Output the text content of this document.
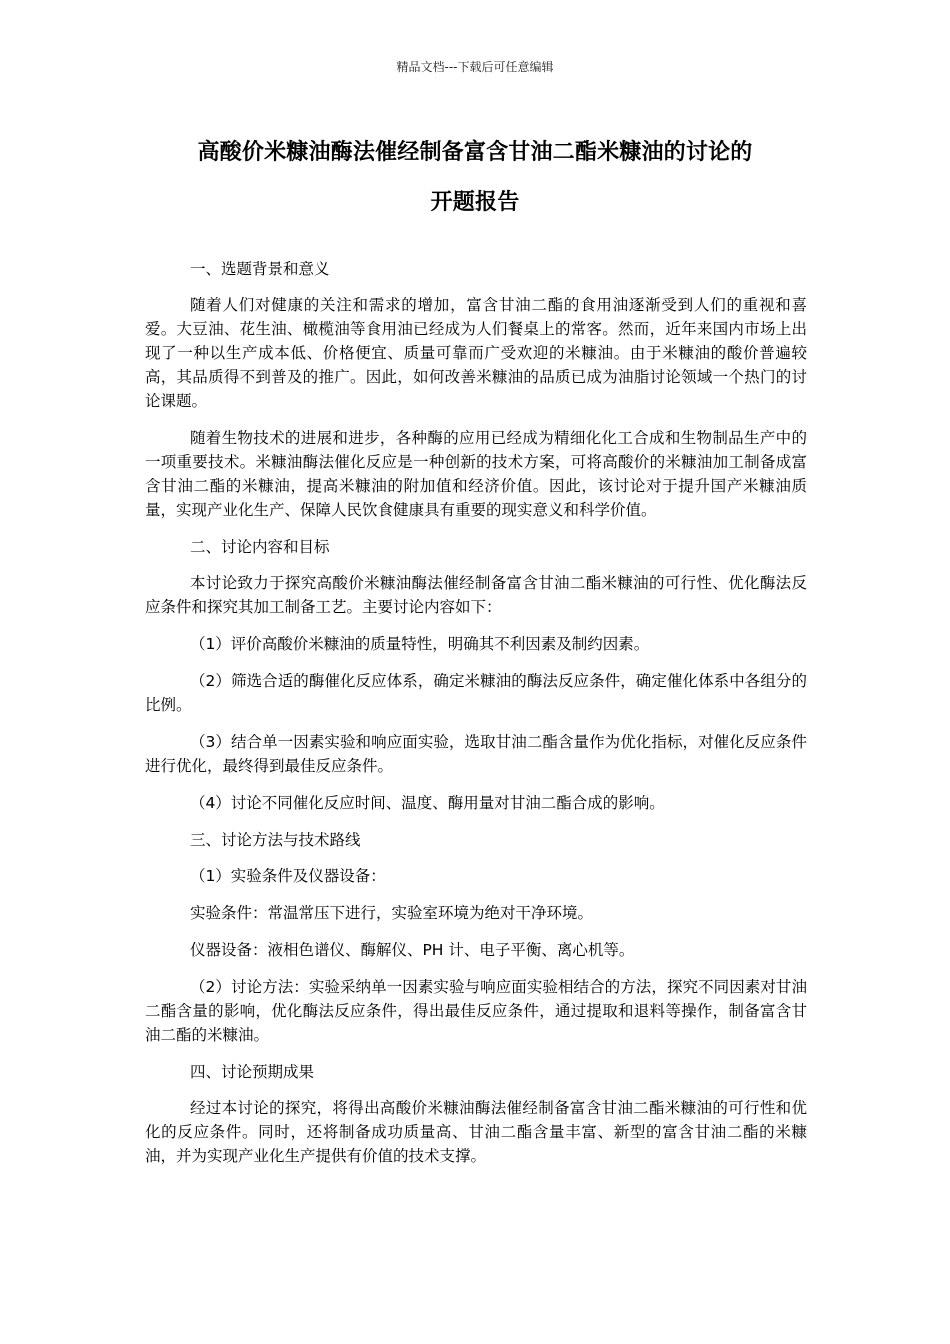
精品文档---下载后可任意编辑
高酸价米糠油酶法催经制备富含甘油二酯米糠油的讨论的
开题报告

一、选题背景和意义

随着人们对健康的关注和需求的增加，富含甘油二酯的食用油逐渐受到人们的重视和喜爱。大豆油、花生油、橄榄油等食用油已经成为人们餐桌上的常客。然而，近年来国内市场上出现了一种以生产成本低、价格便宜、质量可靠而广受欢迎的米糠油。由于米糠油的酸价普遍较高，其品质得不到普及的推广。因此，如何改善米糠油的品质已成为油脂讨论领域一个热门的讨论课题。

随着生物技术的进展和进步，各种酶的应用已经成为精细化化工合成和生物制品生产中的一项重要技术。米糠油酶法催化反应是一种创新的技术方案，可将高酸价的米糠油加工制备成富含甘油二酯的米糠油，提高米糠油的附加值和经济价值。因此，该讨论对于提升国产米糠油质量，实现产业化生产、保障人民饮食健康具有重要的现实意义和科学价值。

二、讨论内容和目标

本讨论致力于探究高酸价米糠油酶法催经制备富含甘油二酯米糠油的可行性、优化酶法反应条件和探究其加工制备工艺。主要讨论内容如下：

（1）评价高酸价米糠油的质量特性，明确其不利因素及制约因素。

（2）筛选合适的酶催化反应体系，确定米糠油的酶法反应条件，确定催化体系中各组分的比例。

（3）结合单一因素实验和响应面实验，选取甘油二酯含量作为优化指标，对催化反应条件进行优化，最终得到最佳反应条件。

（4）讨论不同催化反应时间、温度、酶用量对甘油二酯合成的影响。

三、讨论方法与技术路线

（1）实验条件及仪器设备：

实验条件：常温常压下进行，实验室环境为绝对干净环境。

仪器设备：液相色谱仪、酶解仪、PH 计、电子平衡、离心机等。

（2）讨论方法：实验采纳单一因素实验与响应面实验相结合的方法，探究不同因素对甘油二酯含量的影响，优化酶法反应条件，得出最佳反应条件，通过提取和退料等操作，制备富含甘油二酯的米糠油。

四、讨论预期成果

经过本讨论的探究，将得出高酸价米糠油酶法催经制备富含甘油二酯米糠油的可行性和优化的反应条件。同时，还将制备成功质量高、甘油二酯含量丰富、新型的富含甘油二酯的米糠油，并为实现产业化生产提供有价值的技术支撑。
